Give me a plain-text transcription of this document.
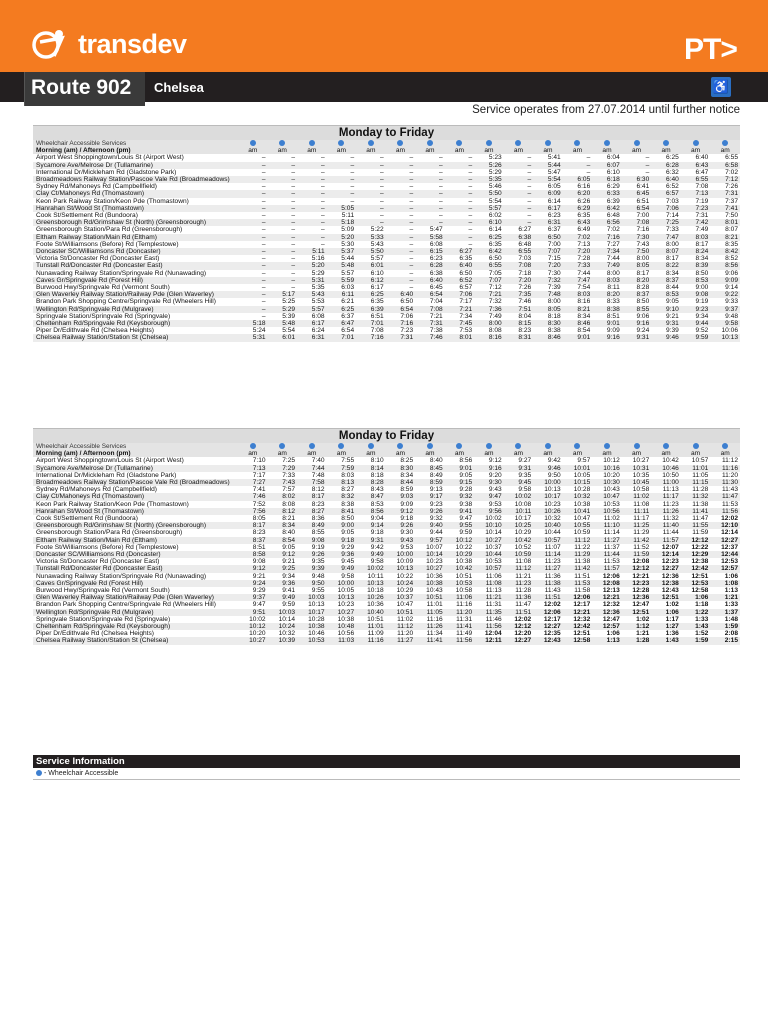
transdev	PT>
Route 902 Chelsea	♿
Service operates from 27.07.2014 until further notice
Monday to Friday
Wheelchair Accessible Services																	
Morning (am) / Afternoon (pm)	am	am	am	am	am	am	am	am	am	am	am	am	am	am	am	am	am
Airport West Shoppingtown/Louis St (Airport West)	–	–	–	–	–	–	–	–	5:23	–	5:41	–	6:04	–	6:25	6:40	6:55
Sycamore Ave/Melrose Dr (Tullamarine)	–	–	–	–	–	–	–	–	5:26	–	5:44	–	6:07	–	6:28	6:43	6:58
International Dr/Mickleham Rd (Gladstone Park)	–	–	–	–	–	–	–	–	5:29	–	5:47	–	6:10	–	6:32	6:47	7:02
Broadmeadows Railway Station/Pascoe Vale Rd (Broadmeadows)	–	–	–	–	–	–	–	–	5:35	–	5:54	6:05	6:18	6:30	6:40	6:55	7:12
Sydney Rd/Mahoneys Rd (Campbellfield)	–	–	–	–	–	–	–	–	5:46	–	6:05	6:16	6:29	6:41	6:52	7:08	7:26
Clay Ct/Mahoneys Rd (Thomastown)	–	–	–	–	–	–	–	–	5:50	–	6:09	6:20	6:33	6:45	6:57	7:13	7:31
Keon Park Railway Station/Keon Pde (Thomastown)	–	–	–	–	–	–	–	–	5:54	–	6:14	6:26	6:39	6:51	7:03	7:19	7:37
Hanrahan St/Wood St (Thomastown)	–	–	–	5:05	–	–	–	–	5:57	–	6:17	6:29	6:42	6:54	7:06	7:23	7:41
Cook St/Settlement Rd (Bundoora)	–	–	–	5:11	–	–	–	–	6:02	–	6:23	6:35	6:48	7:00	7:14	7:31	7:50
Greensborough Rd/Grimshaw St (North) (Greensborough)	–	–	–	5:18	–	–	–	–	6:10	–	6:31	6:43	6:56	7:08	7:25	7:42	8:01
Greensborough Station/Para Rd (Greensborough)	–	–	–	5:09	5:22	–	5:47	–	6:14	6:27	6:37	6:49	7:02	7:16	7:33	7:49	8:07
Eltham Railway Station/Main Rd (Eltham)	–	–	–	5:20	5:33	–	5:58	–	6:25	6:38	6:50	7:02	7:16	7:30	7:47	8:03	8:21
Foote St/Williamsons (Before) Rd (Templestowe)	–	–	–	5:30	5:43	–	6:08	–	6:35	6:48	7:00	7:13	7:27	7:43	8:00	8:17	8:35
Doncaster SC/Williamsons Rd (Doncaster)	–	–	5:11	5:37	5:50	–	6:15	6:27	6:42	6:55	7:07	7:20	7:34	7:50	8:07	8:24	8:42
Victoria St/Doncaster Rd (Doncaster East)	–	–	5:16	5:44	5:57	–	6:23	6:35	6:50	7:03	7:15	7:28	7:44	8:00	8:17	8:34	8:52
Tunstall Rd/Doncaster Rd (Doncaster East)	–	–	5:20	5:48	6:01	–	6:28	6:40	6:55	7:08	7:20	7:33	7:49	8:05	8:22	8:39	8:56
Nunawading Railway Station/Springvale Rd (Nunawading)	–	–	5:29	5:57	6:10	–	6:38	6:50	7:05	7:18	7:30	7:44	8:00	8:17	8:34	8:50	9:06
Caves Gr/Springvale Rd (Forest Hill)	–	–	5:31	5:59	6:12	–	6:40	6:52	7:07	7:20	7:32	7:47	8:03	8:20	8:37	8:53	9:09
Burwood Hwy/Springvale Rd (Vermont South)	–	–	5:35	6:03	6:17	–	6:45	6:57	7:12	7:26	7:39	7:54	8:11	8:28	8:44	9:00	9:14
Glen Waverley Railway Station/Railway Pde (Glen Waverley)	–	5:17	5:43	6:11	6:25	6:40	6:54	7:06	7:21	7:35	7:48	8:03	8:20	8:37	8:53	9:08	9:22
Brandon Park Shopping Centre/Springvale Rd (Wheelers Hill)	–	5:25	5:53	6:21	6:35	6:50	7:04	7:17	7:32	7:46	8:00	8:16	8:33	8:50	9:05	9:19	9:33
Wellington Rd/Springvale Rd (Mulgrave)	–	5:29	5:57	6:25	6:39	6:54	7:08	7:21	7:36	7:51	8:05	8:21	8:38	8:55	9:10	9:23	9:37
Springvale Station/Springvale Rd (Springvale)	–	5:39	6:08	6:37	6:51	7:06	7:21	7:34	7:49	8:04	8:18	8:34	8:51	9:06	9:21	9:34	9:48
Cheltenham Rd/Springvale Rd (Keysborough)	5:18	5:48	6:17	6:47	7:01	7:16	7:31	7:45	8:00	8:15	8:30	8:46	9:01	9:16	9:31	9:44	9:58
Piper Dr/Edithvale Rd (Chelsea Heights)	5:24	5:54	6:24	6:54	7:08	7:23	7:38	7:53	8:08	8:23	8:38	8:54	9:09	9:24	9:39	9:52	10:06
Chelsea Railway Station/Station St (Chelsea)	5:31	6:01	6:31	7:01	7:16	7:31	7:46	8:01	8:16	8:31	8:46	9:01	9:16	9:31	9:46	9:59	10:13
Monday to Friday
Wheelchair Accessible Services																	
Morning (am) / Afternoon (pm)	am	am	am	am	am	am	am	am	am	am	am	am	am	am	am	am	am
Airport West Shoppingtown/Louis St (Airport West)	7:10	7:25	7:40	7:55	8:10	8:25	8:40	8:56	9:12	9:27	9:42	9:57	10:12	10:27	10:42	10:57	11:12
Sycamore Ave/Melrose Dr (Tullamarine)	7:13	7:29	7:44	7:59	8:14	8:30	8:45	9:01	9:16	9:31	9:46	10:01	10:16	10:31	10:46	11:01	11:16
International Dr/Mickleham Rd (Gladstone Park)	7:17	7:33	7:48	8:03	8:18	8:34	8:49	9:05	9:20	9:35	9:50	10:05	10:20	10:35	10:50	11:05	11:20
Broadmeadows Railway Station/Pascoe Vale Rd (Broadmeadows)	7:27	7:43	7:58	8:13	8:28	8:44	8:59	9:15	9:30	9:45	10:00	10:15	10:30	10:45	11:00	11:15	11:30
Sydney Rd/Mahoneys Rd (Campbellfield)	7:41	7:57	8:12	8:27	8:43	8:59	9:13	9:28	9:43	9:58	10:13	10:28	10:43	10:58	11:13	11:28	11:43
Clay Ct/Mahoneys Rd (Thomastown)	7:46	8:02	8:17	8:32	8:47	9:03	9:17	9:32	9:47	10:02	10:17	10:32	10:47	11:02	11:17	11:32	11:47
Keon Park Railway Station/Keon Pde (Thomastown)	7:52	8:08	8:23	8:38	8:53	9:09	9:23	9:38	9:53	10:08	10:23	10:38	10:53	11:08	11:23	11:38	11:53
Hanrahan St/Wood St (Thomastown)	7:56	8:12	8:27	8:41	8:56	9:12	9:26	9:41	9:56	10:11	10:26	10:41	10:56	11:11	11:26	11:41	11:56
Cook St/Settlement Rd (Bundoora)	8:05	8:21	8:36	8:50	9:04	9:18	9:32	9:47	10:02	10:17	10:32	10:47	11:02	11:17	11:32	11:47	12:02
Greensborough Rd/Grimshaw St (North) (Greensborough)	8:17	8:34	8:49	9:00	9:14	9:26	9:40	9:55	10:10	10:25	10:40	10:55	11:10	11:25	11:40	11:55	12:10
Greensborough Station/Para Rd (Greensborough)	8:23	8:40	8:55	9:05	9:18	9:30	9:44	9:59	10:14	10:29	10:44	10:59	11:14	11:29	11:44	11:59	12:14
Eltham Railway Station/Main Rd (Eltham)	8:37	8:54	9:08	9:18	9:31	9:43	9:57	10:12	10:27	10:42	10:57	11:12	11:27	11:42	11:57	12:12	12:27
Foote St/Williamsons (Before) Rd (Templestowe)	8:51	9:05	9:19	9:29	9:42	9:53	10:07	10:22	10:37	10:52	11:07	11:22	11:37	11:52	12:07	12:22	12:37
Doncaster SC/Williamsons Rd (Doncaster)	8:58	9:12	9:26	9:36	9:49	10:00	10:14	10:29	10:44	10:59	11:14	11:29	11:44	11:59	12:14	12:29	12:44
Victoria St/Doncaster Rd (Doncaster East)	9:08	9:21	9:35	9:45	9:58	10:09	10:23	10:38	10:53	11:08	11:23	11:38	11:53	12:08	12:23	12:38	12:53
Tunstall Rd/Doncaster Rd (Doncaster East)	9:12	9:25	9:39	9:49	10:02	10:13	10:27	10:42	10:57	11:12	11:27	11:42	11:57	12:12	12:27	12:42	12:57
Nunawading Railway Station/Springvale Rd (Nunawading)	9:21	9:34	9:48	9:58	10:11	10:22	10:36	10:51	11:06	11:21	11:36	11:51	12:06	12:21	12:36	12:51	1:06
Caves Gr/Springvale Rd (Forest Hill)	9:24	9:36	9:50	10:00	10:13	10:24	10:38	10:53	11:08	11:23	11:38	11:53	12:08	12:23	12:38	12:53	1:08
Burwood Hwy/Springvale Rd (Vermont South)	9:29	9:41	9:55	10:05	10:18	10:29	10:43	10:58	11:13	11:28	11:43	11:58	12:13	12:28	12:43	12:58	1:13
Glen Waverley Railway Station/Railway Pde (Glen Waverley)	9:37	9:49	10:03	10:13	10:26	10:37	10:51	11:06	11:21	11:36	11:51	12:06	12:21	12:36	12:51	1:06	1:21
Brandon Park Shopping Centre/Springvale Rd (Wheelers Hill)	9:47	9:59	10:13	10:23	10:36	10:47	11:01	11:16	11:31	11:47	12:02	12:17	12:32	12:47	1:02	1:18	1:33
Wellington Rd/Springvale Rd (Mulgrave)	9:51	10:03	10:17	10:27	10:40	10:51	11:05	11:20	11:35	11:51	12:06	12:21	12:36	12:51	1:06	1:22	1:37
Springvale Station/Springvale Rd (Springvale)	10:02	10:14	10:28	10:38	10:51	11:02	11:16	11:31	11:46	12:02	12:17	12:32	12:47	1:02	1:17	1:33	1:48
Cheltenham Rd/Springvale Rd (Keysborough)	10:12	10:24	10:38	10:48	11:01	11:12	11:26	11:41	11:56	12:12	12:27	12:42	12:57	1:12	1:27	1:43	1:59
Piper Dr/Edithvale Rd (Chelsea Heights)	10:20	10:32	10:46	10:56	11:09	11:20	11:34	11:49	12:04	12:20	12:35	12:51	1:06	1:21	1:36	1:52	2:08
Chelsea Railway Station/Station St (Chelsea)	10:27	10:39	10:53	11:03	11:16	11:27	11:41	11:56	12:11	12:27	12:43	12:58	1:13	1:28	1:43	1:59	2:15
Service Information
- Wheelchair Accessible
